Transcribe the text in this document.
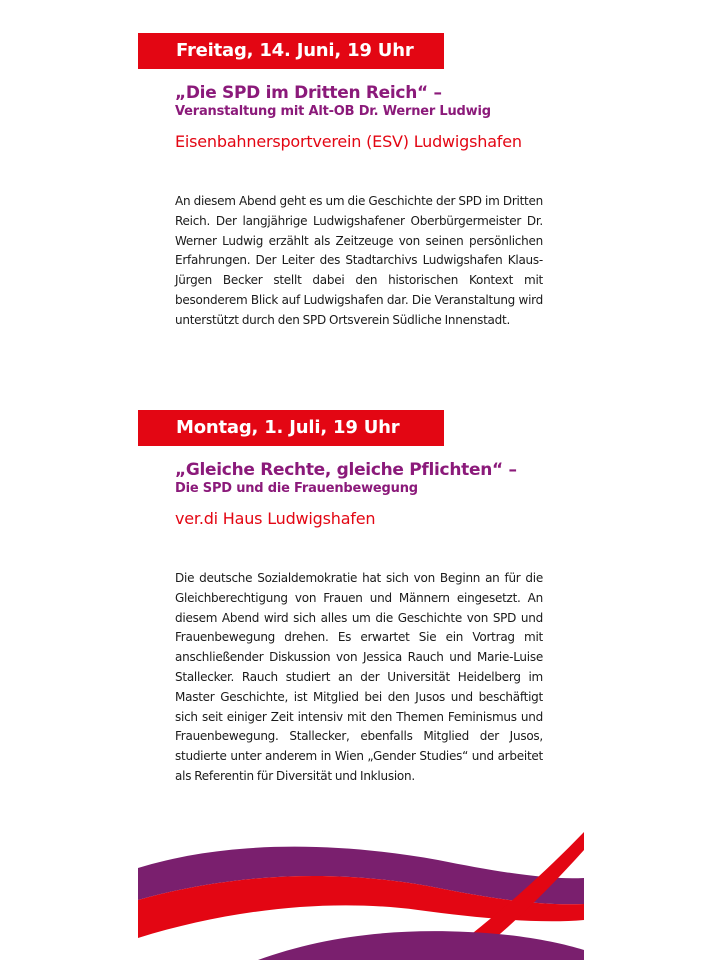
Freitag, 14. Juni, 19 Uhr
„Die SPD im Dritten Reich“ –
Veranstaltung mit Alt-OB Dr. Werner Ludwig
Eisenbahnersportverein (ESV) Ludwigshafen

An diesem Abend geht es um die Geschichte der SPD im Dritten Reich. Der langjährige Ludwigshafener Oberbürgermeister Dr. Werner Ludwig erzählt als Zeitzeuge von seinen persönlichen Erfahrungen. Der Leiter des Stadtarchivs Ludwigshafen Klaus-Jürgen Becker stellt dabei den historischen Kontext mit besonderem Blick auf Ludwigshafen dar. Die Veranstaltung wird unterstützt durch den SPD Ortsverein Südliche Innenstadt.

Montag, 1. Juli, 19 Uhr
„Gleiche Rechte, gleiche Pflichten“ –
Die SPD und die Frauenbewegung
ver.di Haus Ludwigshafen

Die deutsche Sozialdemokratie hat sich von Beginn an für die Gleichberechtigung von Frauen und Männern eingesetzt. An diesem Abend wird sich alles um die Geschichte von SPD und Frauenbewegung drehen. Es erwartet Sie ein Vortrag mit anschließender Diskussion von Jessica Rauch und Marie-Luise Stallecker. Rauch studiert an der Universität Heidelberg im Master Geschichte, ist Mitglied bei den Jusos und beschäftigt sich seit einiger Zeit intensiv mit den Themen Feminismus und Frauenbewegung. Stallecker, ebenfalls Mitglied der Jusos, studierte unter anderem in Wien „Gender Studies“ und arbeitet als Referentin für Diversität und Inklusion.
